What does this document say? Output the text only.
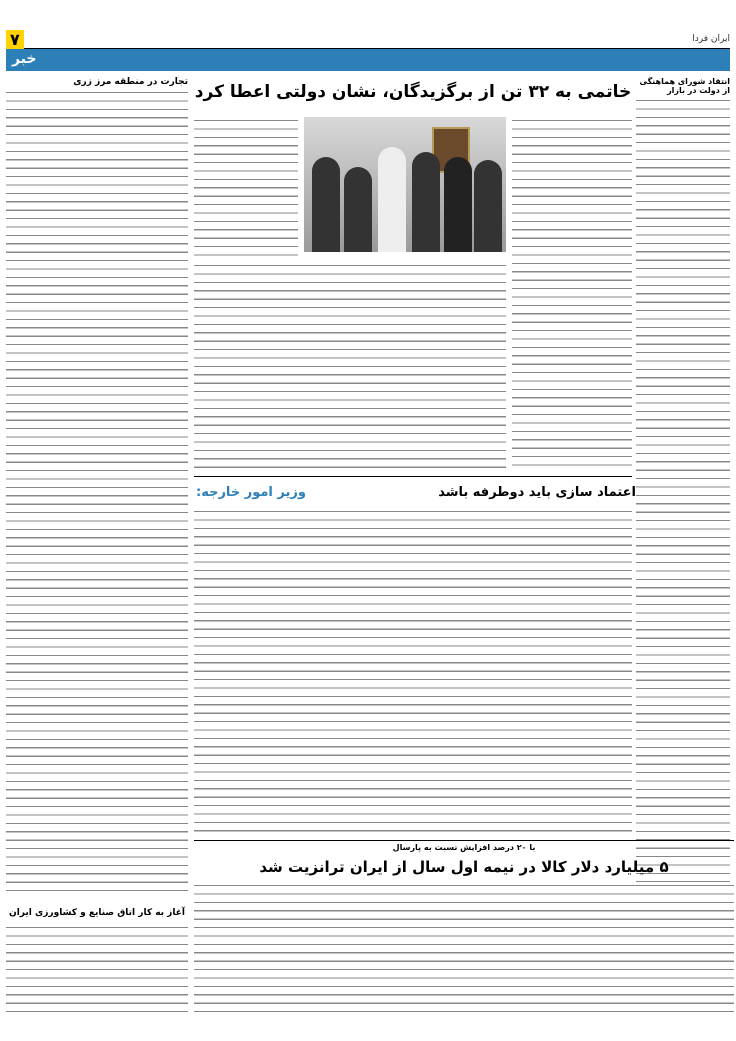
ایران فردا
۷
خبر
انتقاد شورای هماهنگی از دولت در بازار
تجارت در منطقه مرز زری
آغاز به کار اتاق صنایع و کشاورزی ایران
خاتمی به ۳۲ تن از برگزیدگان، نشان دولتی اعطا کرد
اعتماد سازی باید دوطرفه باشد
وزیر امور خارجه:
با ۲۰ درصد افزایش نسبت به پارسال
۵ میلیارد دلار کالا در نیمه اول سال از ایران ترانزیت شد
